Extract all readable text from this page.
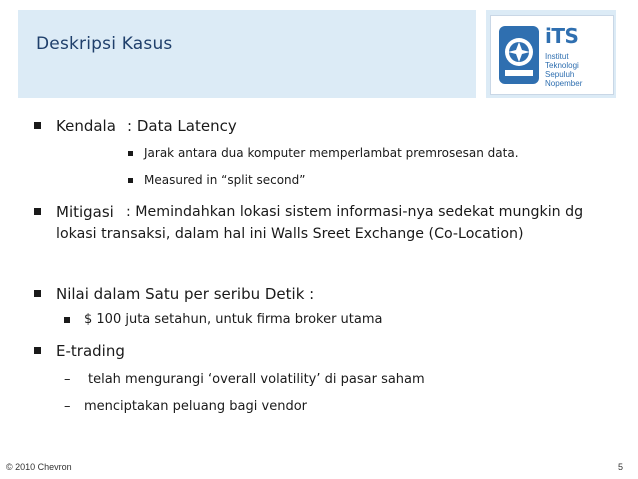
Deskripsi Kasus	iTS
Institut
Teknologi
Sepuluh Nopember
Kendala : Data Latency
Jarak antara dua komputer memperlambat premrosesan data.
Measured in “split second”
Mitigasi : Memindahkan lokasi sistem informasi-nya sedekat mungkin dg
lokasi transaksi, dalam hal ini Walls Sreet Exchange (Co-Location)
Nilai dalam Satu per seribu Detik :
$ 100 juta setahun, untuk firma broker utama
E-trading
– telah mengurangi ‘overall volatility’ di pasar saham
– menciptakan peluang bagi vendor
© 2010 Chevron	5
